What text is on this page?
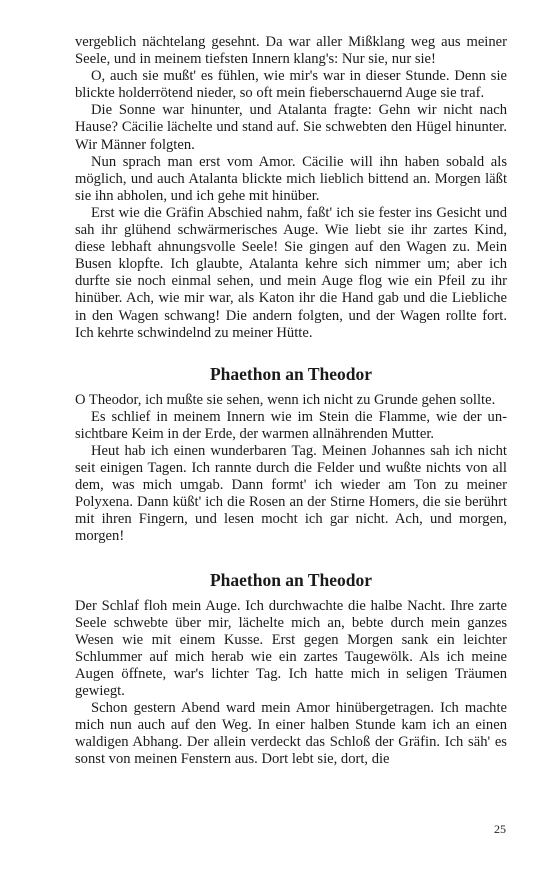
vergeblich nächtelang gesehnt. Da war aller Mißklang weg aus meiner Seele, und in meinem tiefsten Innern klang's: Nur sie, nur sie!

O, auch sie mußt' es fühlen, wie mir's war in dieser Stunde. Denn sie blickte holderrötend nieder, so oft mein fieberschauernd Auge sie traf.

Die Sonne war hinunter, und Atalanta fragte: Gehn wir nicht nach Hause? Cäcilie lächelte und stand auf. Sie schwebten den Hügel hinunter. Wir Männer folgten.

Nun sprach man erst vom Amor. Cäcilie will ihn haben sobald als möglich, und auch Atalanta blickte mich lieblich bittend an. Morgen läßt sie ihn abholen, und ich gehe mit hinüber.

Erst wie die Gräfin Abschied nahm, faßt' ich sie fester ins Gesicht und sah ihr glühend schwärmerisches Auge. Wie liebt sie ihr zartes Kind, diese lebhaft ahnungsvolle Seele! Sie gingen auf den Wagen zu. Mein Busen klopfte. Ich glaubte, Atalanta kehre sich nimmer um; aber ich durfte sie noch einmal sehen, und mein Auge flog wie ein Pfeil zu ihr hinüber. Ach, wie mir war, als Katon ihr die Hand gab und die Liebliche in den Wagen schwang! Die andern folgten, und der Wagen rollte fort. Ich kehrte schwindelnd zu meiner Hütte.

Phaethon an Theodor

O Theodor, ich mußte sie sehen, wenn ich nicht zu Grunde gehen sollte.

Es schlief in meinem Innern wie im Stein die Flamme, wie der unsichtbare Keim in der Erde, der warmen allnährenden Mutter.

Heut hab ich einen wunderbaren Tag. Meinen Johannes sah ich nicht seit einigen Tagen. Ich rannte durch die Felder und wußte nichts von all dem, was mich umgab. Dann formt' ich wieder am Ton zu meiner Polyxena. Dann küßt' ich die Rosen an der Stirne Homers, die sie berührt mit ihren Fingern, und lesen mocht ich gar nicht. Ach, und morgen, morgen!

Phaethon an Theodor

Der Schlaf floh mein Auge. Ich durchwachte die halbe Nacht. Ihre zarte Seele schwebte über mir, lächelte mich an, bebte durch mein ganzes Wesen wie mit einem Kusse. Erst gegen Morgen sank ein leichter Schlummer auf mich herab wie ein zartes Taugewölk. Als ich meine Augen öffnete, war's lichter Tag. Ich hatte mich in seligen Träumen gewiegt.

Schon gestern Abend ward mein Amor hinübergetragen. Ich machte mich nun auch auf den Weg. In einer halben Stunde kam ich an einen waldigen Abhang. Der allein verdeckt das Schloß der Gräfin. Ich säh' es sonst von meinen Fenstern aus. Dort lebt sie, dort, die

25
